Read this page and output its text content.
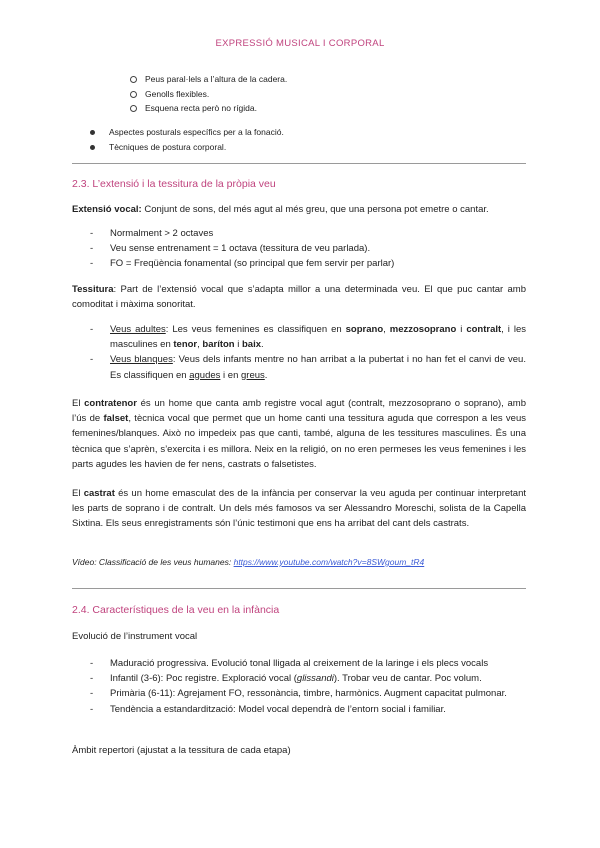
EXPRESSIÓ MUSICAL I CORPORAL
Peus paral·lels a l’altura de la cadera.
Genolls flexibles.
Esquena recta però no rígida.
Aspectes posturals específics per a la fonació.
Tècniques de postura corporal.
2.3. L’extensió i la tessitura de la pròpia veu
Extensió vocal: Conjunt de sons, del més agut al més greu, que una persona pot emetre o cantar.
- Normalment > 2 octaves
- Veu sense entrenament = 1 octava (tessitura de veu parlada).
- FO = Freqüència fonamental (so principal que fem servir per parlar)
Tessitura: Part de l’extensió vocal que s’adapta millor a una determinada veu. El que puc cantar amb comoditat i màxima sonoritat.
- Veus adultes: Les veus femenines es classifiquen en soprano, mezzosoprano i contralt, i les masculines en tenor, baríton i baix.
- Veus blanques: Veus dels infants mentre no han arribat a la pubertat i no han fet el canvi de veu. Es classifiquen en agudes i en greus.
El contratenor és un home que canta amb registre vocal agut (contralt, mezzosoprano o soprano), amb l’ús de falset, tècnica vocal que permet que un home canti una tessitura aguda que correspon a les veus femenines/blanques. Això no impedeix pas que canti, també, alguna de les tessitures masculines. És una tècnica que s’aprèn, s’exercita i es millora. Neix en la religió, on no eren permeses les veus femenines i les parts agudes les havien de fer nens, castrats o falsetistes.
El castrat és un home emasculat des de la infància per conservar la veu aguda per continuar interpretant les parts de soprano i de contralt. Un dels més famosos va ser Alessandro Moreschi, solista de la Capella Sixtina. Els seus enregistraments són l’únic testimoni que ens ha arribat del cant dels castrats.
Vídeo: Classificació de les veus humanes: https://www.youtube.com/watch?v=8SWgoum_tR4
2.4. Característiques de la veu en la infància
Evolució de l’instrument vocal
- Maduració progressiva. Evolució tonal lligada al creixement de la laringe i els plecs vocals
- Infantil (3-6): Poc registre. Exploració vocal (glissandi). Trobar veu de cantar. Poc volum.
- Primària (6-11): Agrejament FO, ressonància, timbre, harmònics. Augment capacitat pulmonar.
- Tendència a estandardització: Model vocal dependrà de l’entorn social i familiar.
Àmbit repertori (ajustat a la tessitura de cada etapa)
